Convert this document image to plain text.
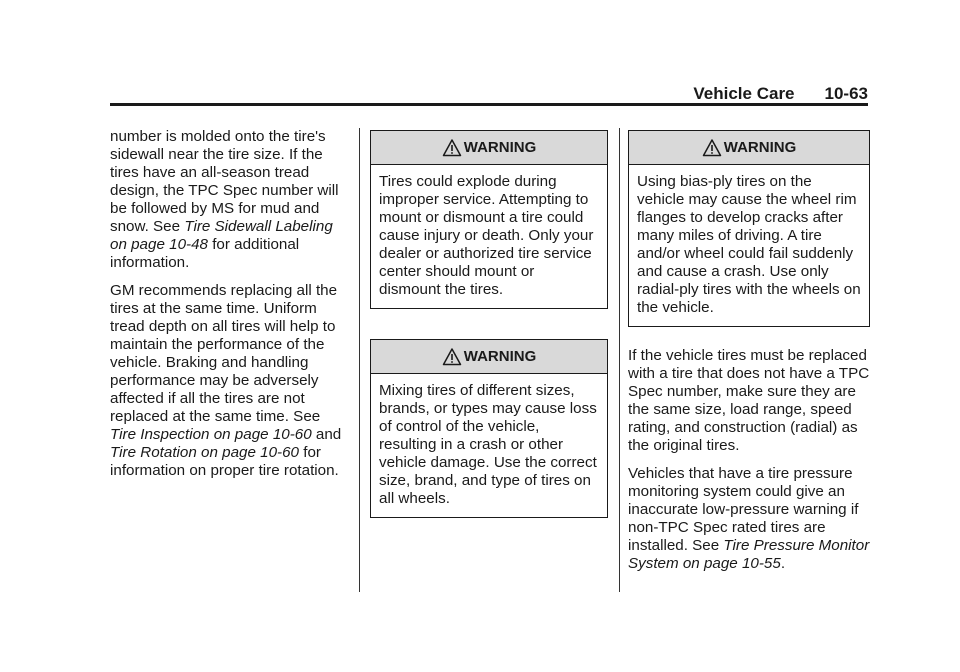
Vehicle Care 10-63

number is molded onto the tire's sidewall near the tire size. If the tires have an all-season tread design, the TPC Spec number will be followed by MS for mud and snow. See Tire Sidewall Labeling on page 10-48 for additional information.

GM recommends replacing all the tires at the same time. Uniform tread depth on all tires will help to maintain the performance of the vehicle. Braking and handling performance may be adversely affected if all the tires are not replaced at the same time. See Tire Inspection on page 10-60 and Tire Rotation on page 10-60 for information on proper tire rotation.

WARNING
Tires could explode during improper service. Attempting to mount or dismount a tire could cause injury or death. Only your dealer or authorized tire service center should mount or dismount the tires.
WARNING
Mixing tires of different sizes, brands, or types may cause loss of control of the vehicle, resulting in a crash or other vehicle damage. Use the correct size, brand, and type of tires on all wheels.
WARNING
Using bias-ply tires on the vehicle may cause the wheel rim flanges to develop cracks after many miles of driving. A tire and/or wheel could fail suddenly and cause a crash. Use only radial-ply tires with the wheels on the vehicle.

If the vehicle tires must be replaced with a tire that does not have a TPC Spec number, make sure they are the same size, load range, speed rating, and construction (radial) as the original tires.

Vehicles that have a tire pressure monitoring system could give an inaccurate low-pressure warning if non-TPC Spec rated tires are installed. See Tire Pressure Monitor System on page 10-55.
